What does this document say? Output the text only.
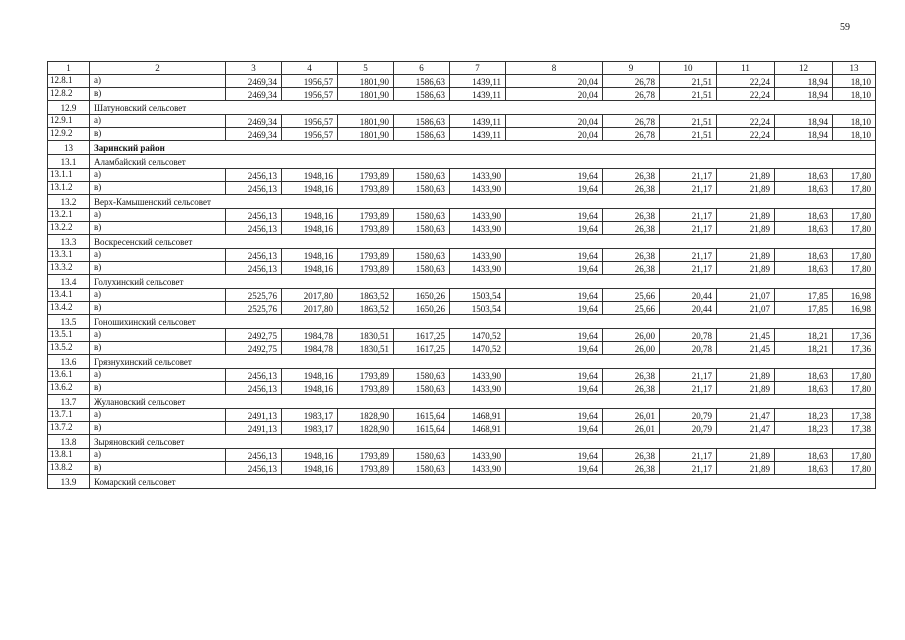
59
1	2	3	4	5	6	7	8	9	10	11	12	13
12.8.1	а)	2469,34	1956,57	1801,90	1586,63	1439,11	20,04	26,78	21,51	22,24	18,94	18,10
12.8.2	в)	2469,34	1956,57	1801,90	1586,63	1439,11	20,04	26,78	21,51	22,24	18,94	18,10
12.9	Шатуновский сельсовет											
12.9.1	а)	2469,34	1956,57	1801,90	1586,63	1439,11	20,04	26,78	21,51	22,24	18,94	18,10
12.9.2	в)	2469,34	1956,57	1801,90	1586,63	1439,11	20,04	26,78	21,51	22,24	18,94	18,10
13	Заринский район											
13.1	Аламбайский сельсовет											
13.1.1	а)	2456,13	1948,16	1793,89	1580,63	1433,90	19,64	26,38	21,17	21,89	18,63	17,80
13.1.2	в)	2456,13	1948,16	1793,89	1580,63	1433,90	19,64	26,38	21,17	21,89	18,63	17,80
13.2	Верх-Камышенский сельсовет											
13.2.1	а)	2456,13	1948,16	1793,89	1580,63	1433,90	19,64	26,38	21,17	21,89	18,63	17,80
13.2.2	в)	2456,13	1948,16	1793,89	1580,63	1433,90	19,64	26,38	21,17	21,89	18,63	17,80
13.3	Воскресенский сельсовет											
13.3.1	а)	2456,13	1948,16	1793,89	1580,63	1433,90	19,64	26,38	21,17	21,89	18,63	17,80
13.3.2	в)	2456,13	1948,16	1793,89	1580,63	1433,90	19,64	26,38	21,17	21,89	18,63	17,80
13.4	Голухинский сельсовет											
13.4.1	а)	2525,76	2017,80	1863,52	1650,26	1503,54	19,64	25,66	20,44	21,07	17,85	16,98
13.4.2	в)	2525,76	2017,80	1863,52	1650,26	1503,54	19,64	25,66	20,44	21,07	17,85	16,98
13.5	Гоношихинский сельсовет											
13.5.1	а)	2492,75	1984,78	1830,51	1617,25	1470,52	19,64	26,00	20,78	21,45	18,21	17,36
13.5.2	в)	2492,75	1984,78	1830,51	1617,25	1470,52	19,64	26,00	20,78	21,45	18,21	17,36
13.6	Грязнухинский сельсовет											
13.6.1	а)	2456,13	1948,16	1793,89	1580,63	1433,90	19,64	26,38	21,17	21,89	18,63	17,80
13.6.2	в)	2456,13	1948,16	1793,89	1580,63	1433,90	19,64	26,38	21,17	21,89	18,63	17,80
13.7	Жулановский сельсовет											
13.7.1	а)	2491,13	1983,17	1828,90	1615,64	1468,91	19,64	26,01	20,79	21,47	18,23	17,38
13.7.2	в)	2491,13	1983,17	1828,90	1615,64	1468,91	19,64	26,01	20,79	21,47	18,23	17,38
13.8	Зыряновский сельсовет											
13.8.1	а)	2456,13	1948,16	1793,89	1580,63	1433,90	19,64	26,38	21,17	21,89	18,63	17,80
13.8.2	в)	2456,13	1948,16	1793,89	1580,63	1433,90	19,64	26,38	21,17	21,89	18,63	17,80
13.9	Комарский сельсовет											
